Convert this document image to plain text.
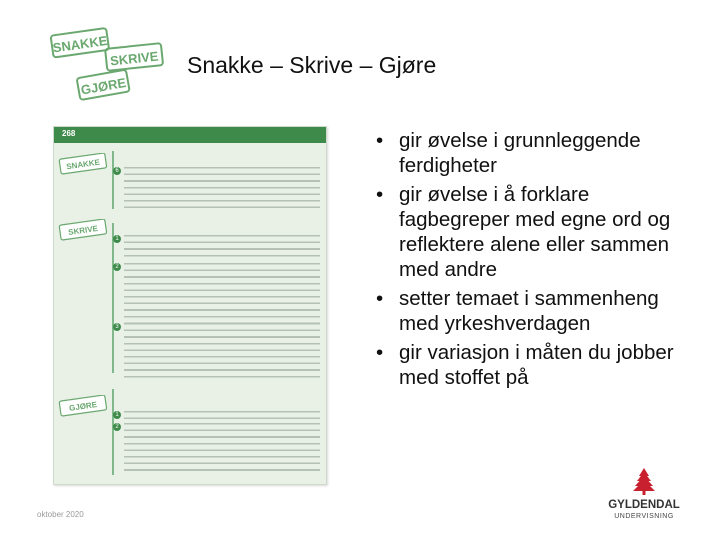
SNAKKE
SKRIVE
GJØRE
Snakke – Skrive – Gjøre
268
SNAKKE	6
SKRIVE
1
2
3
GJØRE
1
2
• gir øvelse i grunnleggende ferdigheter
• gir øvelse i å forklare fagbegreper med egne ord og reflektere alene eller sammen med andre
• setter temaet i sammenheng med yrkeshverdagen
• gir variasjon i måten du jobber med stoffet på
oktober 2020
GYLDENDAL
UNDERVISNING
